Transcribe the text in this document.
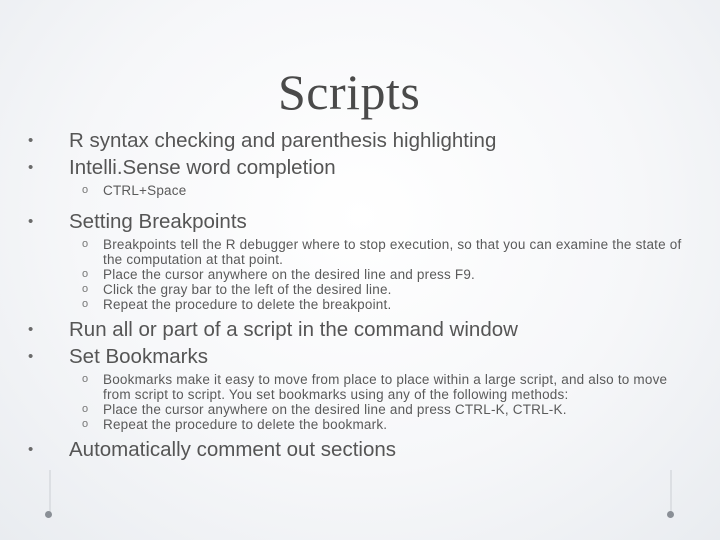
Scripts
• R syntax checking and parenthesis highlighting
• Intelli.Sense word completion
o CTRL+Space
• Setting Breakpoints
o Breakpoints tell the R debugger where to stop execution, so that you can examine the state of the computation at that point.
o Place the cursor anywhere on the desired line and press F9.
o Click the gray bar to the left of the desired line.
o Repeat the procedure to delete the breakpoint.
• Run all or part of a script in the command window
• Set Bookmarks
o Bookmarks make it easy to move from place to place within a large script, and also to move from script to script. You set bookmarks using any of the following methods:
o Place the cursor anywhere on the desired line and press CTRL-K, CTRL-K.
o Repeat the procedure to delete the bookmark.
• Automatically comment out sections
